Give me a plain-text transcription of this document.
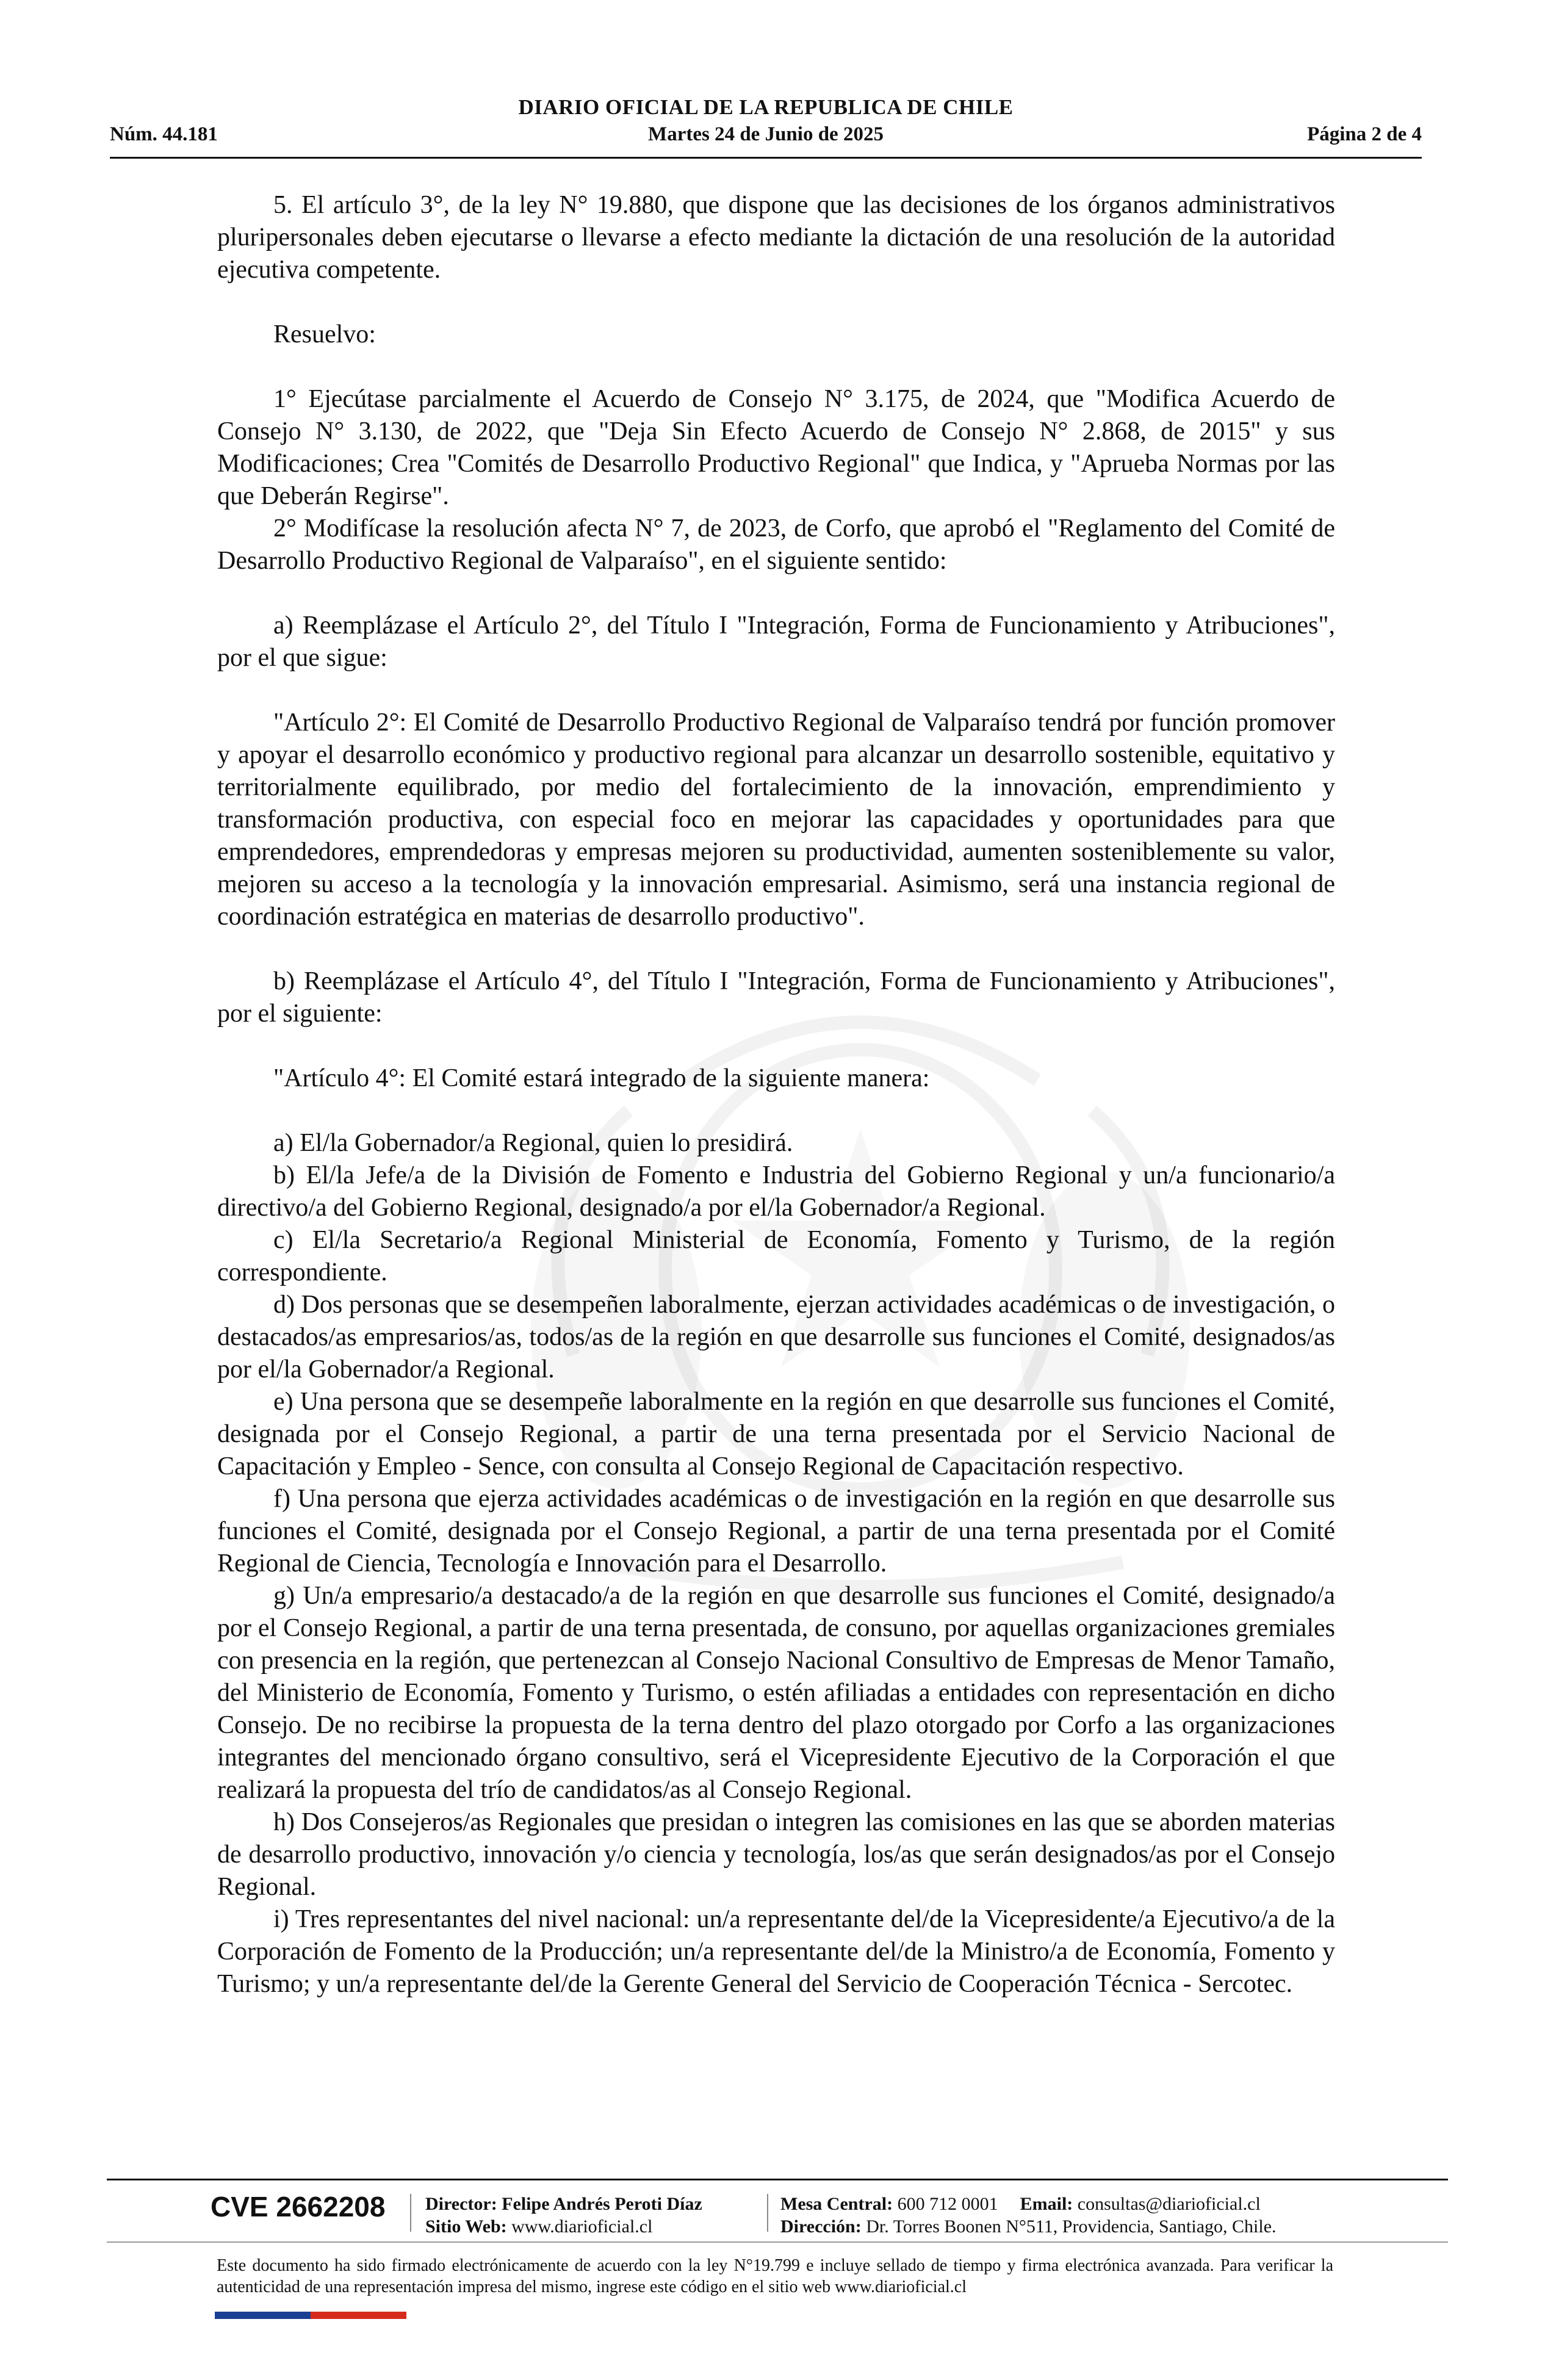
DIARIO OFICIAL DE LA REPUBLICA DE CHILE
Núm. 44.181	Martes 24 de Junio de 2025	Página 2 de 4

5. El artículo 3°, de la ley N° 19.880, que dispone que las decisiones de los órganos administrativos pluripersonales deben ejecutarse o llevarse a efecto mediante la dictación de una resolución de la autoridad ejecutiva competente.

Resuelvo:

1° Ejecútase parcialmente el Acuerdo de Consejo N° 3.175, de 2024, que "Modifica Acuerdo de Consejo N° 3.130, de 2022, que "Deja Sin Efecto Acuerdo de Consejo N° 2.868, de 2015" y sus Modificaciones; Crea "Comités de Desarrollo Productivo Regional" que Indica, y "Aprueba Normas por las que Deberán Regirse".

2° Modifícase la resolución afecta N° 7, de 2023, de Corfo, que aprobó el "Reglamento del Comité de Desarrollo Productivo Regional de Valparaíso", en el siguiente sentido:

a) Reemplázase el Artículo 2°, del Título I "Integración, Forma de Funcionamiento y Atribuciones", por el que sigue:

"Artículo 2°: El Comité de Desarrollo Productivo Regional de Valparaíso tendrá por función promover y apoyar el desarrollo económico y productivo regional para alcanzar un desarrollo sostenible, equitativo y territorialmente equilibrado, por medio del fortalecimiento de la innovación, emprendimiento y transformación productiva, con especial foco en mejorar las capacidades y oportunidades para que emprendedores, emprendedoras y empresas mejoren su productividad, aumenten sosteniblemente su valor, mejoren su acceso a la tecnología y la innovación empresarial. Asimismo, será una instancia regional de coordinación estratégica en materias de desarrollo productivo".

b) Reemplázase el Artículo 4°, del Título I "Integración, Forma de Funcionamiento y Atribuciones", por el siguiente:

"Artículo 4°: El Comité estará integrado de la siguiente manera:

a) El/la Gobernador/a Regional, quien lo presidirá.

b) El/la Jefe/a de la División de Fomento e Industria del Gobierno Regional y un/a funcionario/a directivo/a del Gobierno Regional, designado/a por el/la Gobernador/a Regional.

c) El/la Secretario/a Regional Ministerial de Economía, Fomento y Turismo, de la región correspondiente.

d) Dos personas que se desempeñen laboralmente, ejerzan actividades académicas o de investigación, o destacados/as empresarios/as, todos/as de la región en que desarrolle sus funciones el Comité, designados/as por el/la Gobernador/a Regional.

e) Una persona que se desempeñe laboralmente en la región en que desarrolle sus funciones el Comité, designada por el Consejo Regional, a partir de una terna presentada por el Servicio Nacional de Capacitación y Empleo - Sence, con consulta al Consejo Regional de Capacitación respectivo.

f) Una persona que ejerza actividades académicas o de investigación en la región en que desarrolle sus funciones el Comité, designada por el Consejo Regional, a partir de una terna presentada por el Comité Regional de Ciencia, Tecnología e Innovación para el Desarrollo.

g) Un/a empresario/a destacado/a de la región en que desarrolle sus funciones el Comité, designado/a por el Consejo Regional, a partir de una terna presentada, de consuno, por aquellas organizaciones gremiales con presencia en la región, que pertenezcan al Consejo Nacional Consultivo de Empresas de Menor Tamaño, del Ministerio de Economía, Fomento y Turismo, o estén afiliadas a entidades con representación en dicho Consejo. De no recibirse la propuesta de la terna dentro del plazo otorgado por Corfo a las organizaciones integrantes del mencionado órgano consultivo, será el Vicepresidente Ejecutivo de la Corporación el que realizará la propuesta del trío de candidatos/as al Consejo Regional.

h) Dos Consejeros/as Regionales que presidan o integren las comisiones en las que se aborden materias de desarrollo productivo, innovación y/o ciencia y tecnología, los/as que serán designados/as por el Consejo Regional.

i) Tres representantes del nivel nacional: un/a representante del/de la Vicepresidente/a Ejecutivo/a de la Corporación de Fomento de la Producción; un/a representante del/de la Ministro/a de Economía, Fomento y Turismo; y un/a representante del/de la Gerente General del Servicio de Cooperación Técnica - Sercotec.

CVE 2662208 Director: Felipe Andrés Peroti Díaz
Sitio Web: www.diarioficial.cl
Mesa Central: 600 712 0001 Email: consultas@diarioficial.cl
Dirección: Dr. Torres Boonen N°511, Providencia, Santiago, Chile.
Este documento ha sido firmado electrónicamente de acuerdo con la ley N°19.799 e incluye sellado de tiempo y firma electrónica avanzada. Para verificar la autenticidad de una representación impresa del mismo, ingrese este código en el sitio web www.diarioficial.cl
